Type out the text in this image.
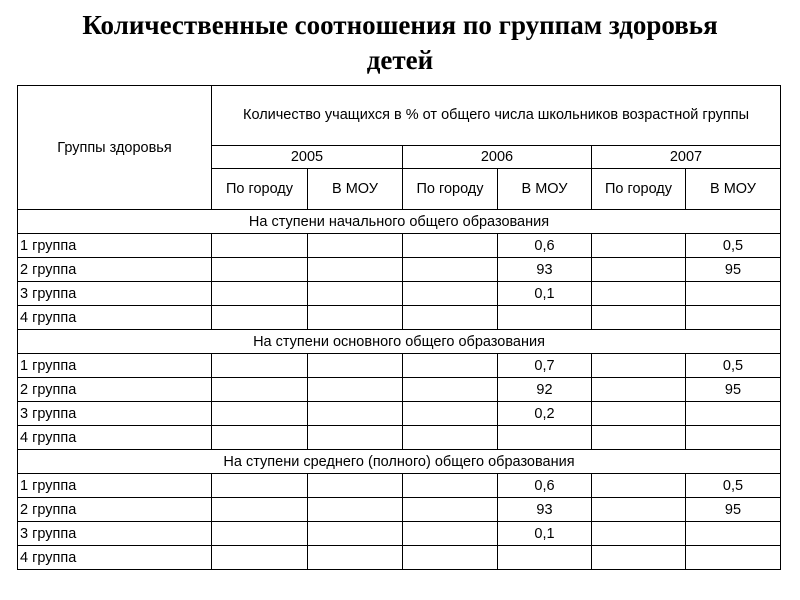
Количественные соотношения по группам здоровья
детей
Группы здоровья	Количество учащихся в % от общего числа школьников возрастной группы					
	2005		2006		2007	
	По городу	В МОУ	По городу	В МОУ	По городу	В МОУ
На ступени начального общего образования						
1 группа				0,6		0,5
2 группа				93		95
3 группа				0,1		
4 группа						
На ступени основного общего образования						
1 группа				0,7		0,5
2 группа				92		95
3 группа				0,2		
4 группа						
На ступени среднего (полного) общего образования						
1 группа				0,6		0,5
2 группа				93		95
3 группа				0,1		
4 группа						
